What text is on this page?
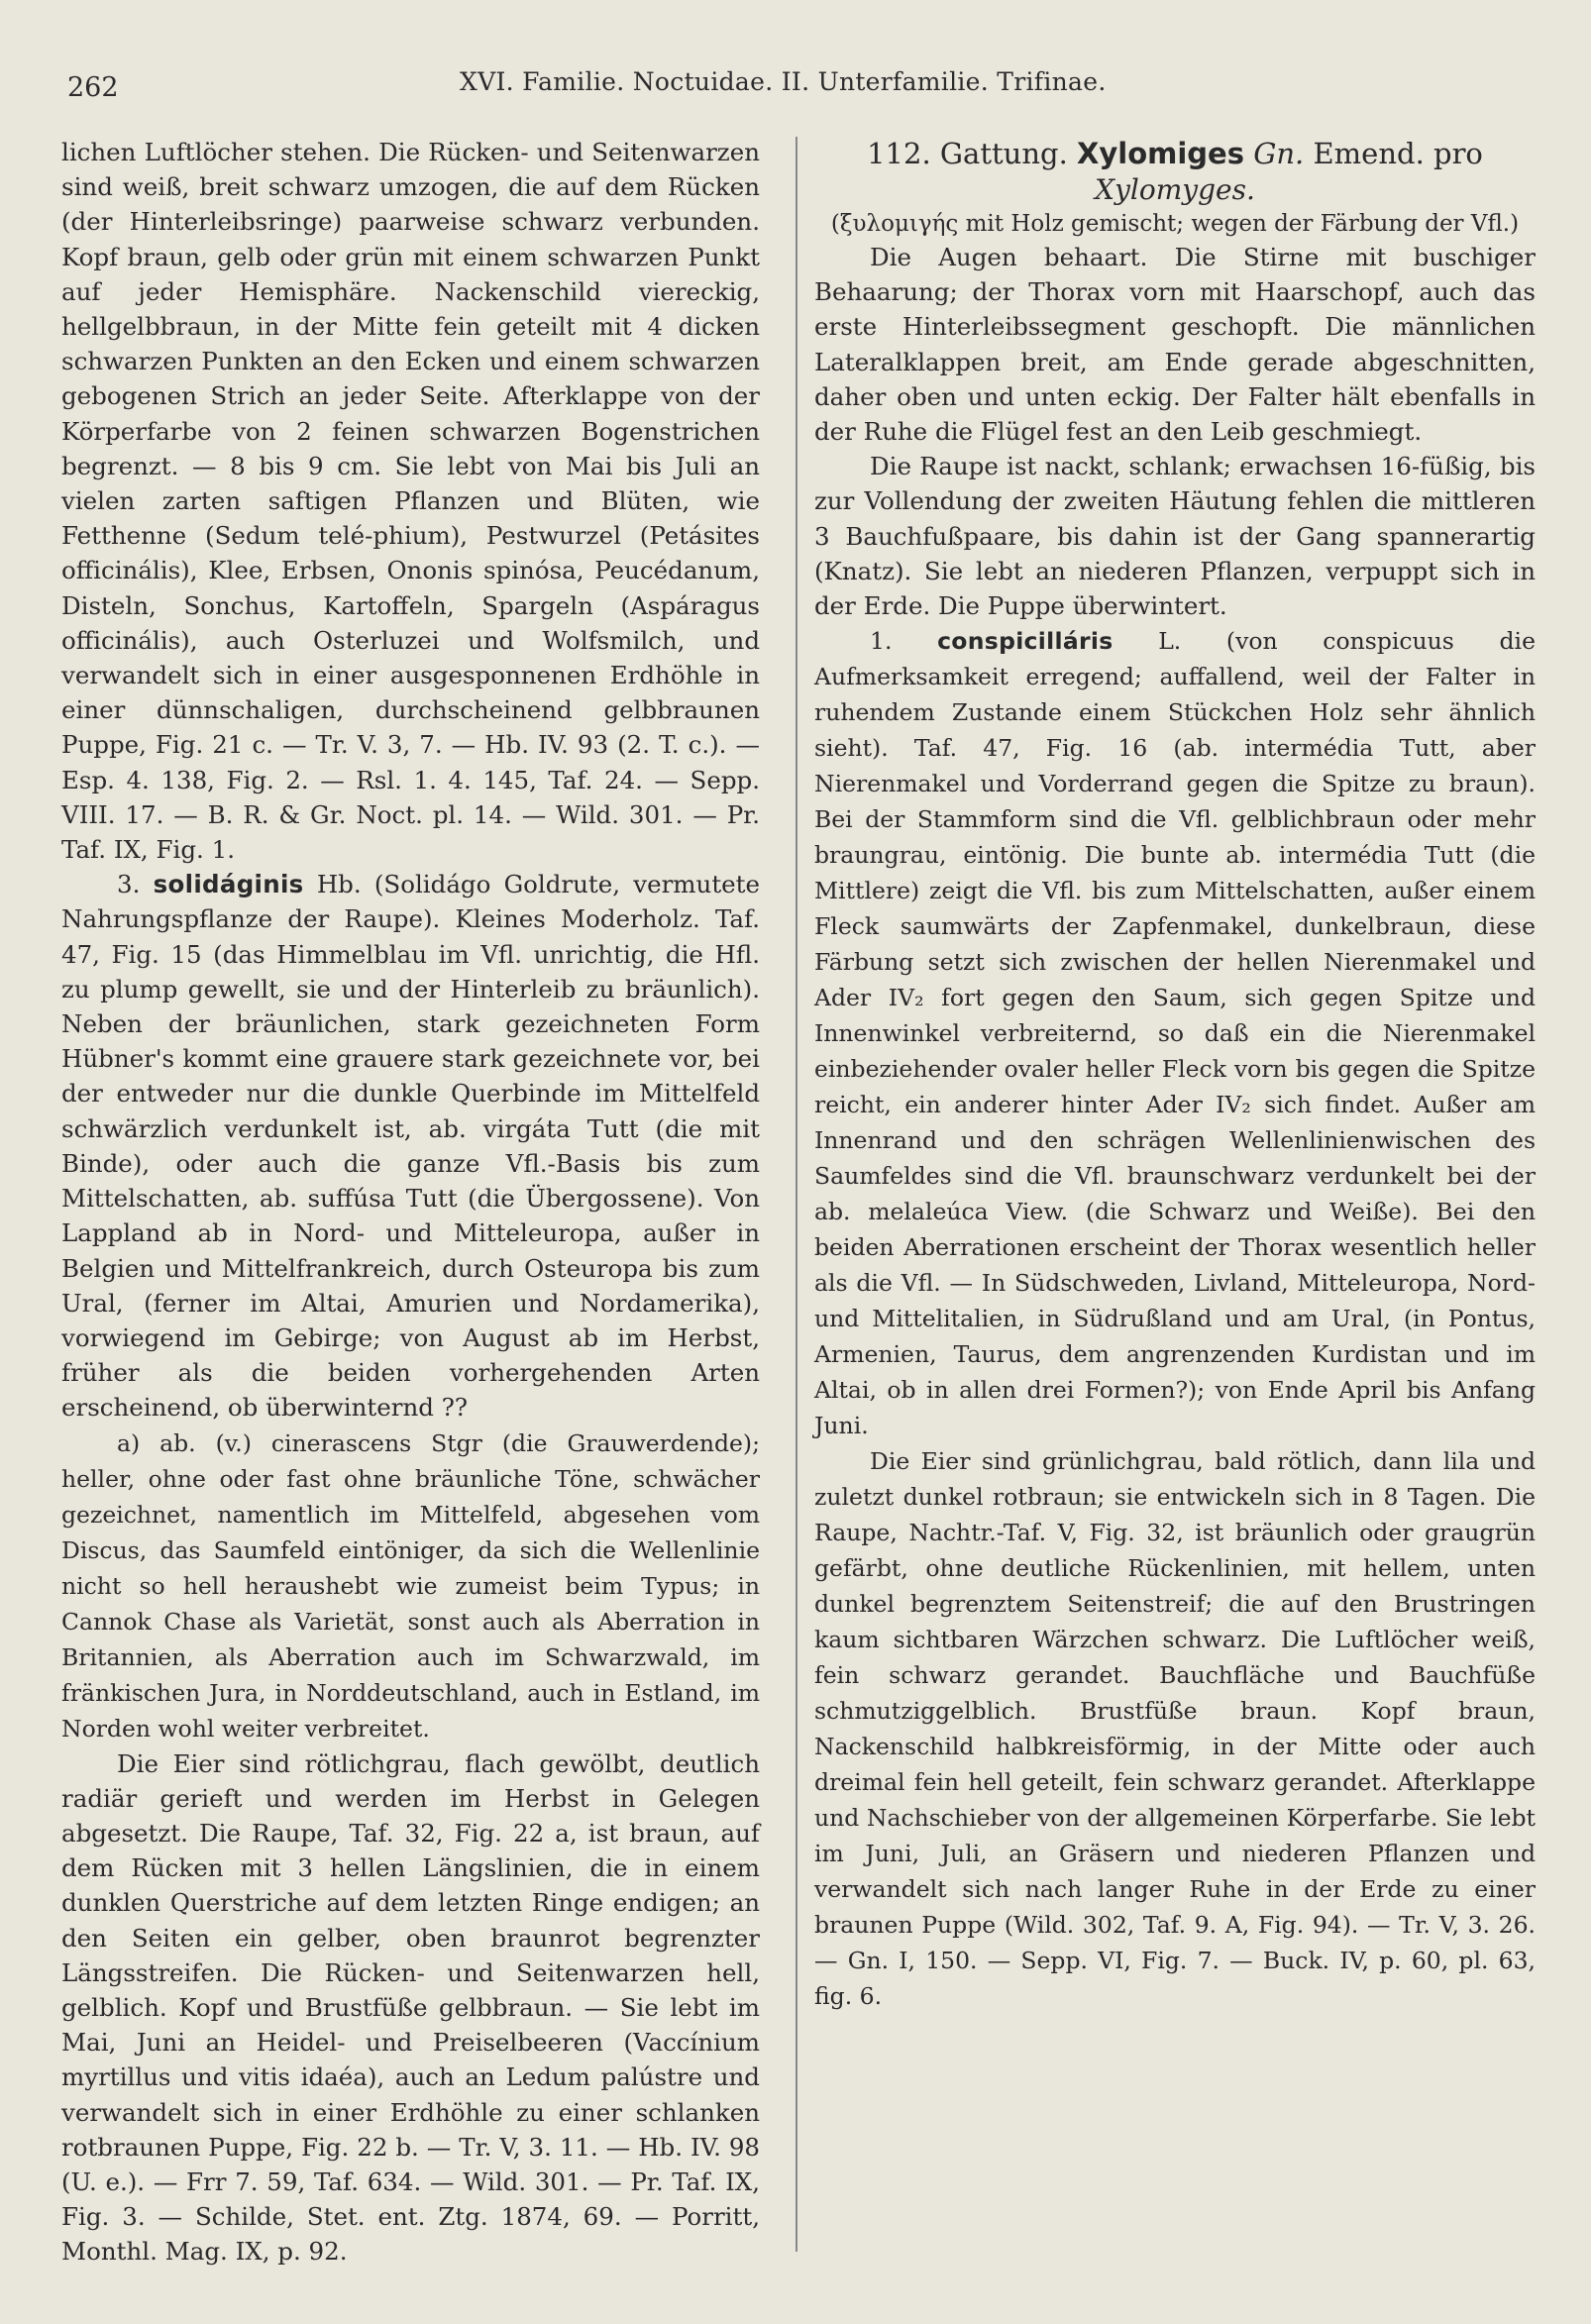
262	XVI. Familie. Noctuidae. II. Unterfamilie. Trifinae.

lichen Luftlöcher stehen. Die Rücken- und Seitenwarzen sind weiß, breit schwarz umzogen, die auf dem Rücken (der Hinterleibsringe) paarweise schwarz verbunden. Kopf braun, gelb oder grün mit einem schwarzen Punkt auf jeder Hemisphäre. Nackenschild viereckig, hellgelbbraun, in der Mitte fein geteilt mit 4 dicken schwarzen Punkten an den Ecken und einem schwarzen gebogenen Strich an jeder Seite. Afterklappe von der Körperfarbe von 2 feinen schwarzen Bogenstrichen begrenzt. — 8 bis 9 cm. Sie lebt von Mai bis Juli an vielen zarten saftigen Pflanzen und Blüten, wie Fetthenne (Sedum telé-phium), Pestwurzel (Petásites officinális), Klee, Erbsen, Ononis spinósa, Peucédanum, Disteln, Sonchus, Kartoffeln, Spargeln (Aspáragus officinális), auch Osterluzei und Wolfsmilch, und verwandelt sich in einer ausgesponnenen Erdhöhle in einer dünnschaligen, durchscheinend gelbbraunen Puppe, Fig. 21 c. — Tr. V. 3, 7. — Hb. IV. 93 (2. T. c.). — Esp. 4. 138, Fig. 2. — Rsl. 1. 4. 145, Taf. 24. — Sepp. VIII. 17. — B. R. & Gr. Noct. pl. 14. — Wild. 301. — Pr. Taf. IX, Fig. 1.

3. solidáginis Hb. (Solidágo Goldrute, vermutete Nahrungspflanze der Raupe). Kleines Moderholz. Taf. 47, Fig. 15 (das Himmelblau im Vfl. unrichtig, die Hfl. zu plump gewellt, sie und der Hinterleib zu bräunlich). Neben der bräunlichen, stark gezeichneten Form Hübner's kommt eine grauere stark gezeichnete vor, bei der entweder nur die dunkle Querbinde im Mittelfeld schwärzlich verdunkelt ist, ab. virgáta Tutt (die mit Binde), oder auch die ganze Vfl.-Basis bis zum Mittelschatten, ab. suffúsa Tutt (die Übergossene). Von Lappland ab in Nord- und Mitteleuropa, außer in Belgien und Mittelfrankreich, durch Osteuropa bis zum Ural, (ferner im Altai, Amurien und Nordamerika), vorwiegend im Gebirge; von August ab im Herbst, früher als die beiden vorhergehenden Arten erscheinend, ob überwinternd ??

a) ab. (v.) cinerascens Stgr (die Grauwerdende); heller, ohne oder fast ohne bräunliche Töne, schwächer gezeichnet, namentlich im Mittelfeld, abgesehen vom Discus, das Saumfeld eintöniger, da sich die Wellenlinie nicht so hell heraushebt wie zumeist beim Typus; in Cannok Chase als Varietät, sonst auch als Aberration in Britannien, als Aberration auch im Schwarzwald, im fränkischen Jura, in Norddeutschland, auch in Estland, im Norden wohl weiter verbreitet.

Die Eier sind rötlichgrau, flach gewölbt, deutlich radiär gerieft und werden im Herbst in Gelegen abgesetzt. Die Raupe, Taf. 32, Fig. 22 a, ist braun, auf dem Rücken mit 3 hellen Längslinien, die in einem dunklen Querstriche auf dem letzten Ringe endigen; an den Seiten ein gelber, oben braunrot begrenzter Längsstreifen. Die Rücken- und Seitenwarzen hell, gelblich. Kopf und Brustfüße gelbbraun. — Sie lebt im Mai, Juni an Heidel- und Preiselbeeren (Vaccínium myrtillus und vitis idaéa), auch an Ledum palústre und verwandelt sich in einer Erdhöhle zu einer schlanken rotbraunen Puppe, Fig. 22 b. — Tr. V, 3. 11. — Hb. IV. 98 (U. e.). — Frr 7. 59, Taf. 634. — Wild. 301. — Pr. Taf. IX, Fig. 3. — Schilde, Stet. ent. Ztg. 1874, 69. — Porritt, Monthl. Mag. IX, p. 92.

112. Gattung. Xylomiges Gn. Emend. pro

Xylomyges.

(ξυλομιγής mit Holz gemischt; wegen der Färbung der Vfl.)

Die Augen behaart. Die Stirne mit buschiger Behaarung; der Thorax vorn mit Haarschopf, auch das erste Hinterleibssegment geschopft. Die männlichen Lateralklappen breit, am Ende gerade abgeschnitten, daher oben und unten eckig. Der Falter hält ebenfalls in der Ruhe die Flügel fest an den Leib geschmiegt.

Die Raupe ist nackt, schlank; erwachsen 16-füßig, bis zur Vollendung der zweiten Häutung fehlen die mittleren 3 Bauchfußpaare, bis dahin ist der Gang spannerartig (Knatz). Sie lebt an niederen Pflanzen, verpuppt sich in der Erde. Die Puppe überwintert.

1. conspicilláris L. (von conspicuus die Aufmerksamkeit erregend; auffallend, weil der Falter in ruhendem Zustande einem Stückchen Holz sehr ähnlich sieht). Taf. 47, Fig. 16 (ab. intermédia Tutt, aber Nierenmakel und Vorderrand gegen die Spitze zu braun). Bei der Stammform sind die Vfl. gelblichbraun oder mehr braungrau, eintönig. Die bunte ab. intermédia Tutt (die Mittlere) zeigt die Vfl. bis zum Mittelschatten, außer einem Fleck saumwärts der Zapfenmakel, dunkelbraun, diese Färbung setzt sich zwischen der hellen Nierenmakel und Ader IV₂ fort gegen den Saum, sich gegen Spitze und Innenwinkel verbreiternd, so daß ein die Nierenmakel einbeziehender ovaler heller Fleck vorn bis gegen die Spitze reicht, ein anderer hinter Ader IV₂ sich findet. Außer am Innenrand und den schrägen Wellenlinienwischen des Saumfeldes sind die Vfl. braunschwarz verdunkelt bei der ab. melaleúca View. (die Schwarz und Weiße). Bei den beiden Aberrationen erscheint der Thorax wesentlich heller als die Vfl. — In Südschweden, Livland, Mitteleuropa, Nord- und Mittelitalien, in Südrußland und am Ural, (in Pontus, Armenien, Taurus, dem angrenzenden Kurdistan und im Altai, ob in allen drei Formen?); von Ende April bis Anfang Juni.

Die Eier sind grünlichgrau, bald rötlich, dann lila und zuletzt dunkel rotbraun; sie entwickeln sich in 8 Tagen. Die Raupe, Nachtr.-Taf. V, Fig. 32, ist bräunlich oder graugrün gefärbt, ohne deutliche Rückenlinien, mit hellem, unten dunkel begrenztem Seitenstreif; die auf den Brustringen kaum sichtbaren Wärzchen schwarz. Die Luftlöcher weiß, fein schwarz gerandet. Bauchfläche und Bauchfüße schmutziggelblich. Brustfüße braun. Kopf braun, Nackenschild halbkreisförmig, in der Mitte oder auch dreimal fein hell geteilt, fein schwarz gerandet. Afterklappe und Nachschieber von der allgemeinen Körperfarbe. Sie lebt im Juni, Juli, an Gräsern und niederen Pflanzen und verwandelt sich nach langer Ruhe in der Erde zu einer braunen Puppe (Wild. 302, Taf. 9. A, Fig. 94). — Tr. V, 3. 26. — Gn. I, 150. — Sepp. VI, Fig. 7. — Buck. IV, p. 60, pl. 63, fig. 6.
